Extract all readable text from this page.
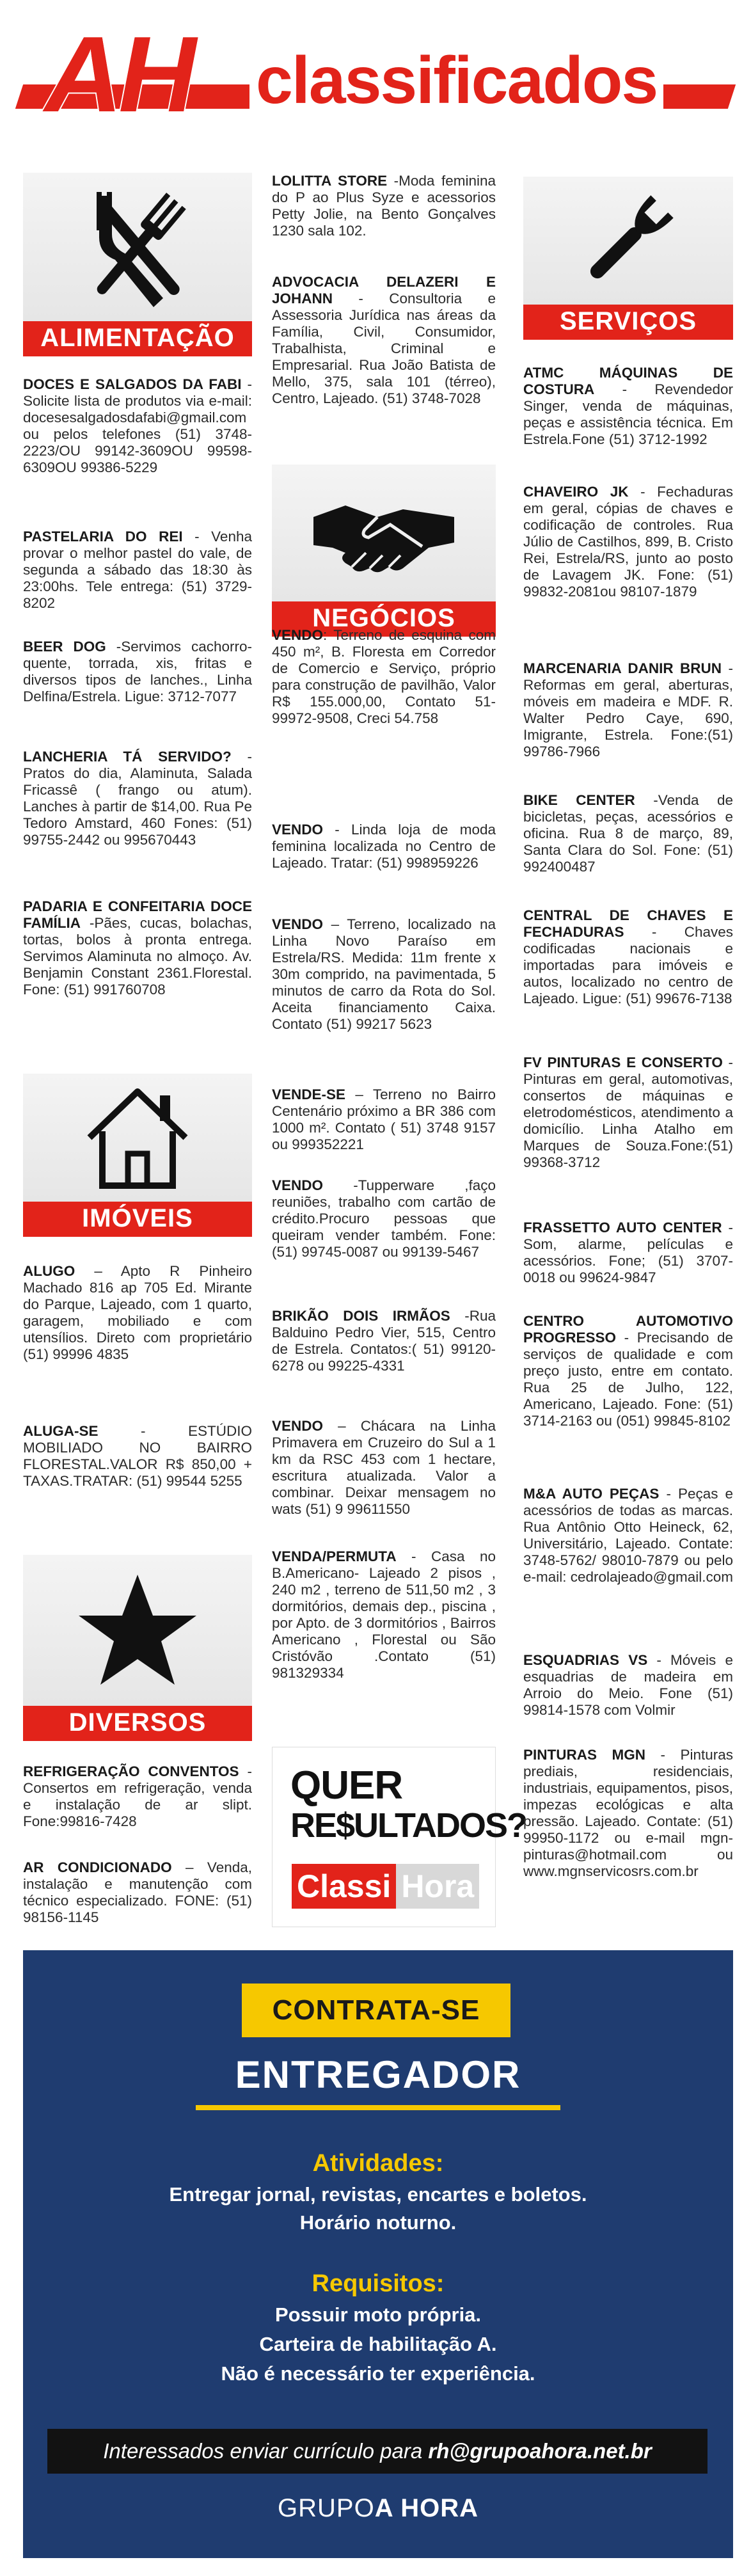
AH classificados
ALIMENTAÇÃO
DOCES E SALGADOS DA FABI -Solicite lista de produtos via e-mail: docesesalgadosdafabi@gmail.com ou pelos telefones (51) 3748-2223/OU 99142-3609OU 99598-6309OU 99386-5229
PASTELARIA DO REI - Venha provar o melhor pastel do vale, de segunda a sábado das 18:30 às 23:00hs. Tele entrega: (51) 3729-8202
BEER DOG -Servimos cachorro-quente, torrada, xis, fritas e diversos tipos de lanches., Linha Delfina/Estrela. Ligue: 3712-7077
LANCHERIA TÁ SERVIDO? - Pratos do dia, Alaminuta, Salada Fricassê ( frango ou atum). Lanches à partir de $14,00. Rua Pe Tedoro Amstard, 460 Fones: (51) 99755-2442 ou 995670443
PADARIA E CONFEITARIA DOCE FAMÍLIA -Pães, cucas, bolachas, tortas, bolos à pronta entrega. Servimos Alaminuta no almoço. Av. Benjamin Constant 2361.Florestal. Fone: (51) 991760708
IMÓVEIS
ALUGO – Apto R Pinheiro Machado 816 ap 705 Ed. Mirante do Parque, Lajeado, com 1 quarto, garagem, mobiliado e com utensílios. Direto com proprietário (51) 99996 4835
ALUGA-SE - ESTÚDIO MOBILIADO NO BAIRRO FLORESTAL.VALOR R$ 850,00 + TAXAS.TRATAR: (51) 99544 5255
DIVERSOS
REFRIGERAÇÃO CONVENTOS - Consertos em refrigeração, venda e instalação de ar slipt. Fone:99816-7428
AR CONDICIONADO – Venda, instalação e manutenção com técnico especializado. FONE: (51) 98156-1145
LOLITTA STORE -Moda feminina do P ao Plus Syze e acessorios Petty Jolie, na Bento Gonçalves 1230 sala 102.
ADVOCACIA DELAZERI E JOHANN - Consultoria e Assessoria Jurídica nas áreas da Família, Civil, Consumidor, Trabalhista, Criminal e Empresarial. Rua João Batista de Mello, 375, sala 101 (térreo), Centro, Lajeado. (51) 3748-7028
NEGÓCIOS
VENDO: Terreno de esquina com 450 m², B. Floresta em Corredor de Comercio e Serviço, próprio para construção de pavilhão, Valor R$ 155.000,00, Contato 51- 99972-9508, Creci 54.758
VENDO - Linda loja de moda feminina localizada no Centro de Lajeado. Tratar: (51) 998959226
VENDO – Terreno, localizado na Linha Novo Paraíso em Estrela/RS. Medida: 11m frente x 30m comprido, na pavimentada, 5 minutos de carro da Rota do Sol. Aceita financiamento Caixa. Contato (51) 99217 5623
VENDE-SE – Terreno no Bairro Centenário próximo a BR 386 com 1000 m². Contato ( 51) 3748 9157 ou 999352221
VENDO -Tupperware ,faço reuniões, trabalho com cartão de crédito.Procuro pessoas que queiram vender também. Fone: (51) 99745-0087 ou 99139-5467
BRIKÃO DOIS IRMÃOS -Rua Balduino Pedro Vier, 515, Centro de Estrela. Contatos:( 51) 99120-6278 ou 99225-4331
VENDO – Chácara na Linha Primavera em Cruzeiro do Sul a 1 km da RSC 453 com 1 hectare, escritura atualizada. Valor a combinar. Deixar mensagem no wats (51) 9 99611550
VENDA/PERMUTA - Casa no B.Americano- Lajeado 2 pisos , 240 m2 , terreno de 511,50 m2 , 3 dormitórios, demais dep., piscina , por Apto. de 3 dormitórios , Bairros Americano , Florestal ou São Cristóvão .Contato (51) 981329334
QUER
RE$ULTADOS?
Classi Hora
SERVIÇOS
ATMC MÁQUINAS DE COSTURA - Revendedor Singer, venda de máquinas, peças e assistência técnica. Em Estrela.Fone (51) 3712-1992
CHAVEIRO JK - Fechaduras em geral, cópias de chaves e codificação de controles. Rua Júlio de Castilhos, 899, B. Cristo Rei, Estrela/RS, junto ao posto de Lavagem JK. Fone: (51) 99832-2081ou 98107-1879
MARCENARIA DANIR BRUN -Reformas em geral, aberturas, móveis em madeira e MDF. R. Walter Pedro Caye, 690, Imigrante, Estrela. Fone:(51) 99786-7966
BIKE CENTER -Venda de bicicletas, peças, acessórios e oficina. Rua 8 de março, 89, Santa Clara do Sol. Fone: (51) 992400487
CENTRAL DE CHAVES E FECHADURAS - Chaves codificadas nacionais e importadas para imóveis e autos, localizado no centro de Lajeado. Ligue: (51) 99676-7138
FV PINTURAS E CONSERTO - Pinturas em geral, automotivas, consertos de máquinas e eletrodomésticos, atendimento a domicílio. Linha Atalho em Marques de Souza.Fone:(51) 99368-3712
FRASSETTO AUTO CENTER - Som, alarme, películas e acessórios. Fone; (51) 3707-0018 ou 99624-9847
CENTRO AUTOMOTIVO PROGRESSO - Precisando de serviços de qualidade e com preço justo, entre em contato. Rua 25 de Julho, 122, Americano, Lajeado. Fone: (51) 3714-2163 ou (051) 99845-8102
M&A AUTO PEÇAS - Peças e acessórios de todas as marcas. Rua Antônio Otto Heineck, 62, Universitário, Lajeado. Contate: 3748-5762/ 98010-7879 ou pelo e-mail: cedrolajeado@gmail.com
ESQUADRIAS VS - Móveis e esquadrias de madeira em Arroio do Meio. Fone (51) 99814-1578 com Volmir
PINTURAS MGN - Pinturas prediais, residenciais, industriais, equipamentos, pisos, impezas ecológicas e alta pressão. Lajeado. Contate: (51) 99950-1172 ou e-mail mgn-pinturas@hotmail.com ou www.mgnservicosrs.com.br
CONTRATA-SE
ENTREGADOR
Atividades:
Entregar jornal, revistas, encartes e boletos.
Horário noturno.
Requisitos:
Possuir moto própria.
Carteira de habilitação A.
Não é necessário ter experiência.
Interessados enviar currículo para rh@grupoahora.net.br
GRUPOA HORA
